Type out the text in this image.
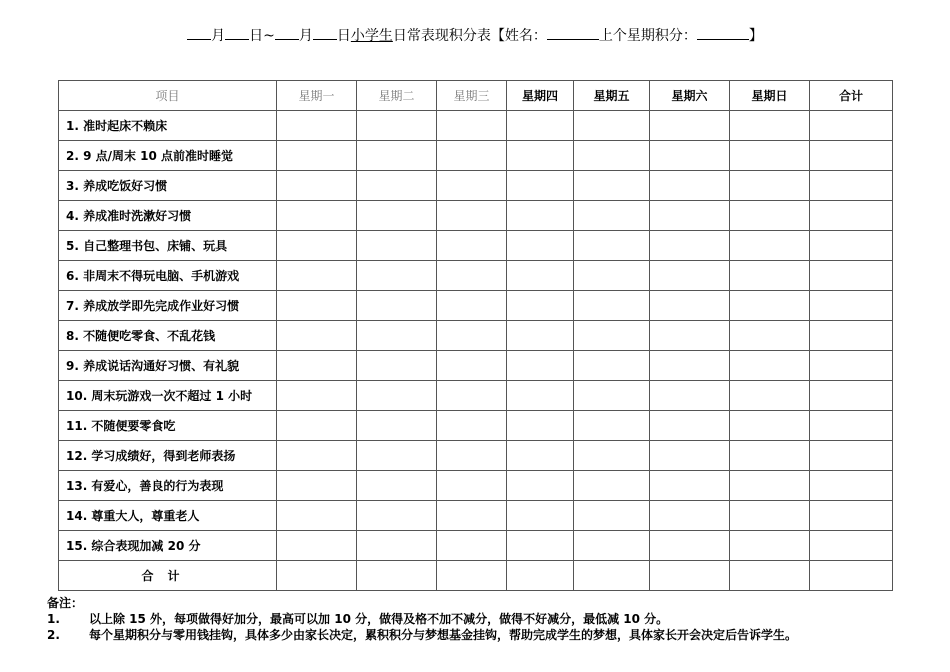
月 日~ 月 日小学生日常表现积分表【姓名：	上个星期积分：	】
项目	星期一	星期二	星期三	星期四	星期五	星期六	星期日	合计
1. 准时起床不赖床								
2. 9 点/周末 10 点前准时睡觉								
3. 养成吃饭好习惯								
4. 养成准时洗漱好习惯								
5. 自己整理书包、床铺、玩具								
6. 非周末不得玩电脑、手机游戏								
7. 养成放学即先完成作业好习惯								
8. 不随便吃零食、不乱花钱								
9. 养成说话沟通好习惯、有礼貌								
10. 周末玩游戏一次不超过 1 小时								
11. 不随便要零食吃								
12. 学习成绩好，得到老师表扬								
13. 有爱心，善良的行为表现								
14. 尊重大人，尊重老人								
15. 综合表现加减 20 分								
合计								
备注：
1.	以上除 15 外，每项做得好加分，最高可以加 10 分，做得及格不加不减分，做得不好减分，最低减 10 分。
2.	每个星期积分与零用钱挂钩，具体多少由家长决定，累积积分与梦想基金挂钩，帮助完成学生的梦想，具体家长开会决定后告诉学生。
